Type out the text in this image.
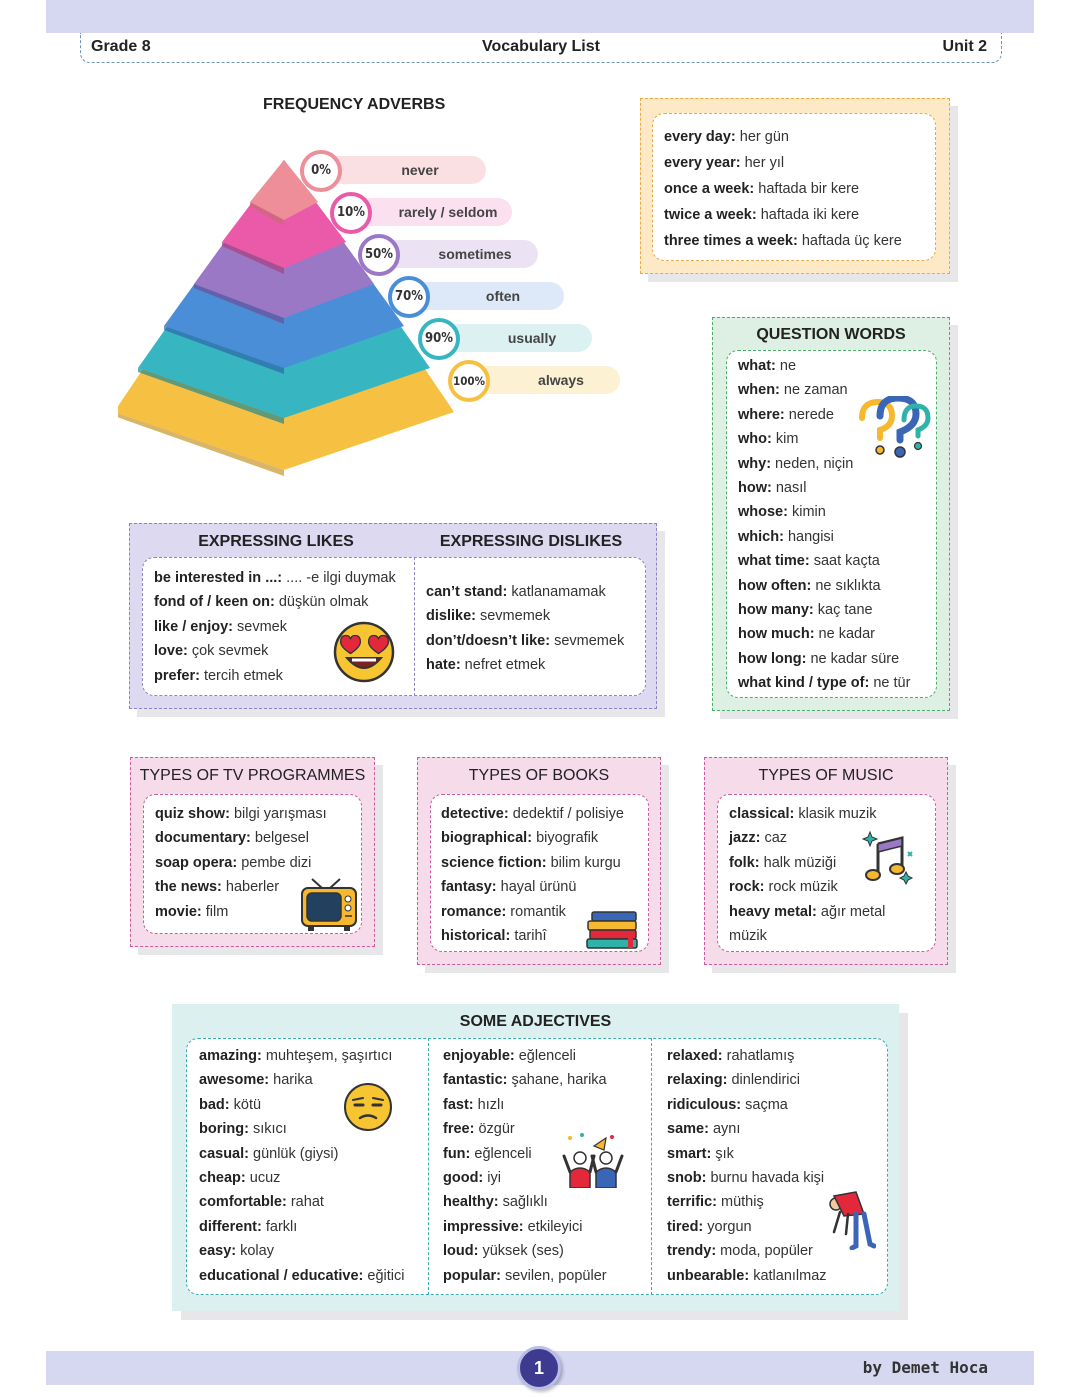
Grade 8	Vocabulary List	Unit 2
FREQUENCY ADVERBS
never
0%
rarely / seldom
10%
sometimes
50%
often
70%
usually
90%
always
100%
every day: her gün
every year: her yıl
once a week: haftada bir kere
twice a week: haftada iki kere
three times a week: haftada üç kere
QUESTION WORDS
what: ne
when: ne zaman
where: nerede
who: kim
why: neden, niçin
how: nasıl
whose: kimin
which: hangisi
what time: saat kaçta
how often: ne sıklıkta
how many: kaç tane
how much: ne kadar
how long: ne kadar süre
what kind / type of: ne tür
EXPRESSING LIKES	EXPRESSING DISLIKES
be interested in ...: .... -e ilgi duymak
fond of / keen on: düşkün olmak
like / enjoy: sevmek
love: çok sevmek
prefer: tercih etmek
can’t stand: katlanamamak
dislike: sevmemek
don’t/doesn’t like: sevmemek
hate: nefret etmek
TYPES OF TV PROGRAMMES
quiz show: bilgi yarışması
documentary: belgesel
soap opera: pembe dizi
the news: haberler
movie: film
TYPES OF BOOKS
detective: dedektif / polisiye
biographical: biyografik
science fiction: bilim kurgu
fantasy: hayal ürünü
romance: romantik
historical: tarihî
TYPES OF MUSIC
classical: klasik muzik
jazz: caz
folk: halk müziği
rock: rock müzik
heavy metal: ağır metal
müzik
SOME ADJECTIVES
amazing: muhteşem, şaşırtıcı
awesome: harika
bad: kötü
boring: sıkıcı
casual: günlük (giysi)
cheap: ucuz
comfortable: rahat
different: farklı
easy: kolay
educational / educative: eğitici
enjoyable: eğlenceli
fantastic: şahane, harika
fast: hızlı
free: özgür
fun: eğlenceli
good: iyi
healthy: sağlıklı
impressive: etkileyici
loud: yüksek (ses)
popular: sevilen, popüler
relaxed: rahatlamış
relaxing: dinlendirici
ridiculous: saçma
same: aynı
smart: şık
snob: burnu havada kişi
terrific: müthiş
tired: yorgun
trendy: moda, popüler
unbearable: katlanılmaz
1	by Demet Hoca
